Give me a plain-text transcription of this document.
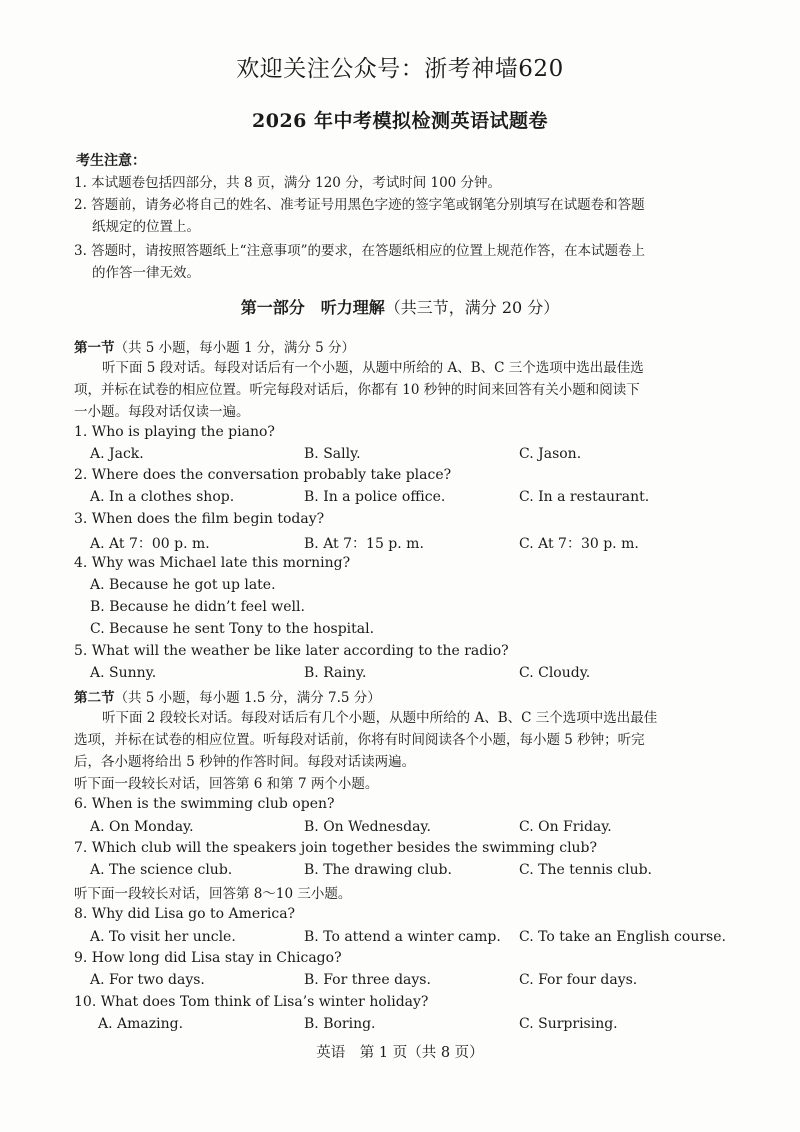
欢迎关注公众号：浙考神墙620
2026 年中考模拟检测英语试题卷
考生注意：
1. 本试题卷包括四部分，共 8 页，满分 120 分，考试时间 100 分钟。
2. 答题前，请务必将自己的姓名、准考证号用黑色字迹的签字笔或钢笔分别填写在试题卷和答题
纸规定的位置上。
3. 答题时，请按照答题纸上“注意事项”的要求，在答题纸相应的位置上规范作答，在本试题卷上
的作答一律无效。
第一部分　听力理解（共三节，满分 20 分）
第一节（共 5 小题，每小题 1 分，满分 5 分）
听下面 5 段对话。每段对话后有一个小题，从题中所给的 A、B、C 三个选项中选出最佳选
项，并标在试卷的相应位置。听完每段对话后，你都有 10 秒钟的时间来回答有关小题和阅读下
一小题。每段对话仅读一遍。
1. Who is playing the piano?
A. Jack.	B. Sally.	C. Jason.
2. Where does the conversation probably take place?
A. In a clothes shop.	B. In a police office.	C. In a restaurant.
3. When does the film begin today?
A. At 7：00 p. m.	B. At 7：15 p. m.	C. At 7：30 p. m.
4. Why was Michael late this morning?
A. Because he got up late.
B. Because he didn’t feel well.
C. Because he sent Tony to the hospital.
5. What will the weather be like later according to the radio?
A. Sunny.	B. Rainy.	C. Cloudy.
第二节（共 5 小题，每小题 1.5 分，满分 7.5 分）
听下面 2 段较长对话。每段对话后有几个小题，从题中所给的 A、B、C 三个选项中选出最佳
选项，并标在试卷的相应位置。听每段对话前，你将有时间阅读各个小题，每小题 5 秒钟；听完
后，各小题将给出 5 秒钟的作答时间。每段对话读两遍。
听下面一段较长对话，回答第 6 和第 7 两个小题。
6. When is the swimming club open?
A. On Monday.	B. On Wednesday.	C. On Friday.
7. Which club will the speakers join together besides the swimming club?
A. The science club.	B. The drawing club.	C. The tennis club.
听下面一段较长对话，回答第 8～10 三小题。
8. Why did Lisa go to America?
A. To visit her uncle.	B. To attend a winter camp. C. To take an English course.
9. How long did Lisa stay in Chicago?
A. For two days.	B. For three days.	C. For four days.
10. What does Tom think of Lisa’s winter holiday?
A. Amazing.	B. Boring.	C. Surprising.
英语　第 1 页（共 8 页）
